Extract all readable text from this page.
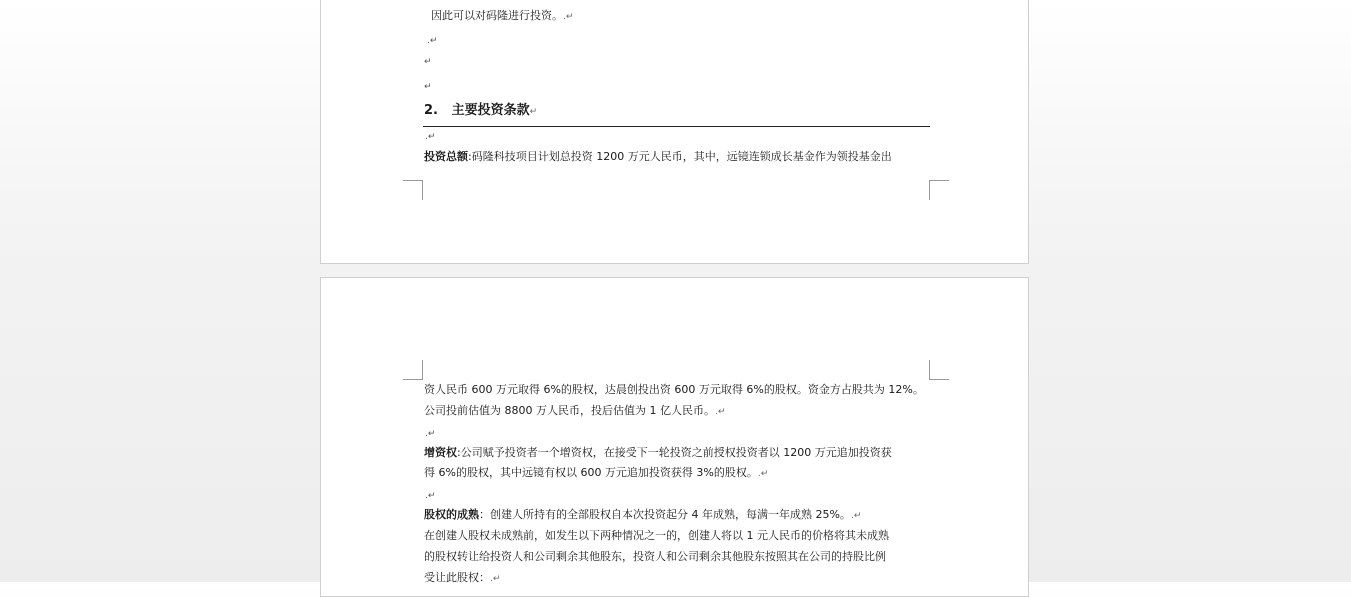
因此可以对码隆进行投资。.↵
.↵
↵
↵
2. 主要投资条款↵
.↵
投资总额:码隆科技项目计划总投资 1200 万元人民币，其中，远镜连锁成长基金作为领投基金出
资人民币 600 万元取得 6%的股权，达晨创投出资 600 万元取得 6%的股权。资金方占股共为 12%。
公司投前估值为 8800 万人民币，投后估值为 1 亿人民币。.↵
.↵
增资权:公司赋予投资者一个增资权，在接受下一轮投资之前授权投资者以 1200 万元追加投资获
得 6%的股权，其中远镜有权以 600 万元追加投资获得 3%的股权。.↵
.↵
股权的成熟：创建人所持有的全部股权自本次投资起分 4 年成熟，每满一年成熟 25%。.↵
在创建人股权未成熟前，如发生以下两种情况之一的，创建人将以 1 元人民币的价格将其未成熟
的股权转让给投资人和公司剩余其他股东，投资人和公司剩余其他股东按照其在公司的持股比例
受让此股权：.↵
